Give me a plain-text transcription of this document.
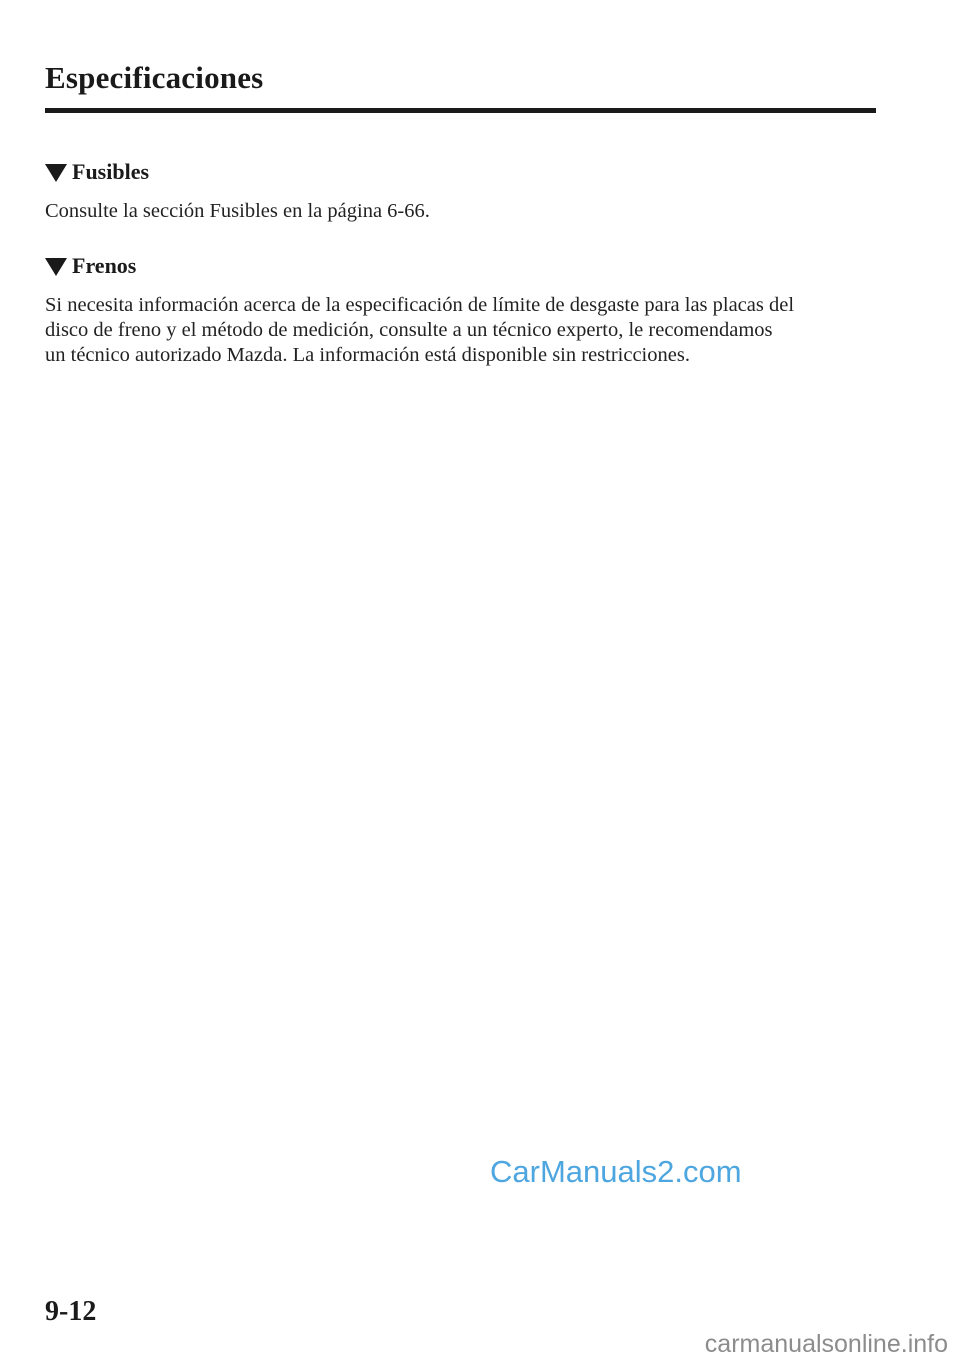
Especificaciones
Fusibles

Consulte la sección Fusibles en la página 6-66.

Frenos

Si necesita información acerca de la especificación de límite de desgaste para las placas del
disco de freno y el método de medición, consulte a un técnico experto, le recomendamos
un técnico autorizado Mazda. La información está disponible sin restricciones.

CarManuals2.com
9-12
carmanualsonline.info
